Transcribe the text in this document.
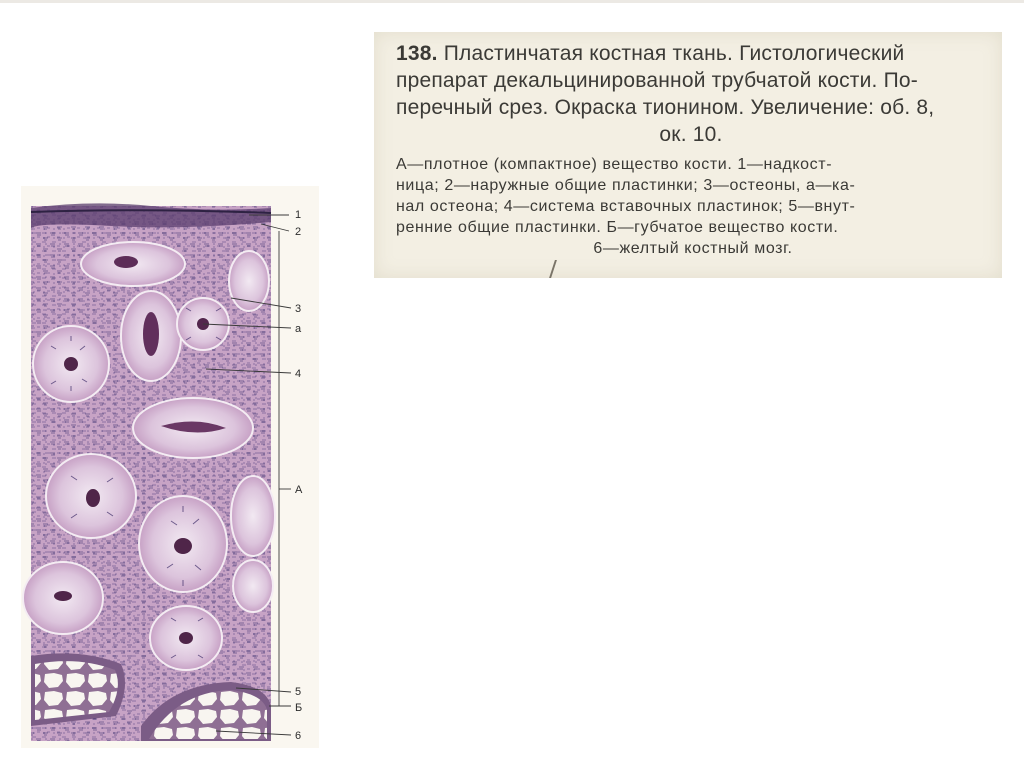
1
2
3
а
4
А
5
Б
6
138. Пластинчатая костная ткань. Гистологический
препарат декальцинированной трубчатой кости. По-
перечный срез. Окраска тионином. Увеличение: об. 8,
ок. 10.
А—плотное (компактное) вещество кости. 1—надкост-
ница; 2—наружные общие пластинки; 3—остеоны, а—ка-
нал остеона; 4—система вставочных пластинок; 5—внут-
ренние общие пластинки. Б—губчатое вещество кости.
6—желтый костный мозг.
